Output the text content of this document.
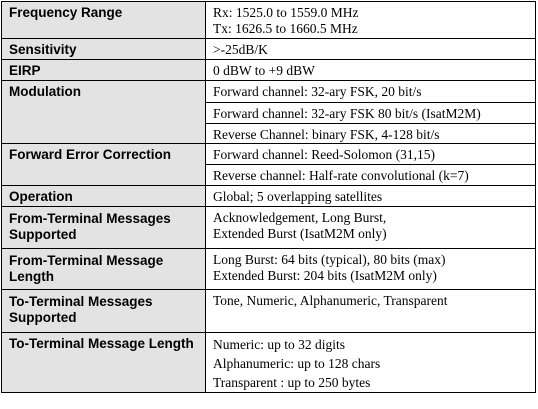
Frequency Range	Rx: 1525.0 to 1559.0 MHz
Tx: 1626.5 to 1660.5 MHz

Sensitivity	>-25dB/K

EIRP	0 dBW to +9 dBW

Modulation	Forward channel: 32-ary FSK, 20 bit/s

	Forward channel: 32-ary FSK 80 bit/s (IsatM2M)

	Reverse Channel: binary FSK, 4-128 bit/s

Forward Error Correction	Forward channel: Reed-Solomon (31,15)

	Reverse channel: Half-rate convolutional (k=7)

Operation	Global; 5 overlapping satellites

From-Terminal Messages
Supported	Acknowledgement, Long Burst,
Extended Burst (IsatM2M only)

From-Terminal Message
Length	Long Burst: 64 bits (typical), 80 bits (max)
Extended Burst: 204 bits (IsatM2M only)

To-Terminal Messages
Supported	Tone, Numeric, Alphanumeric, Transparent

To-Terminal Message Length	Numeric: up to 32 digits
Alphanumeric: up to 128 chars
Transparent : up to 250 bytes
